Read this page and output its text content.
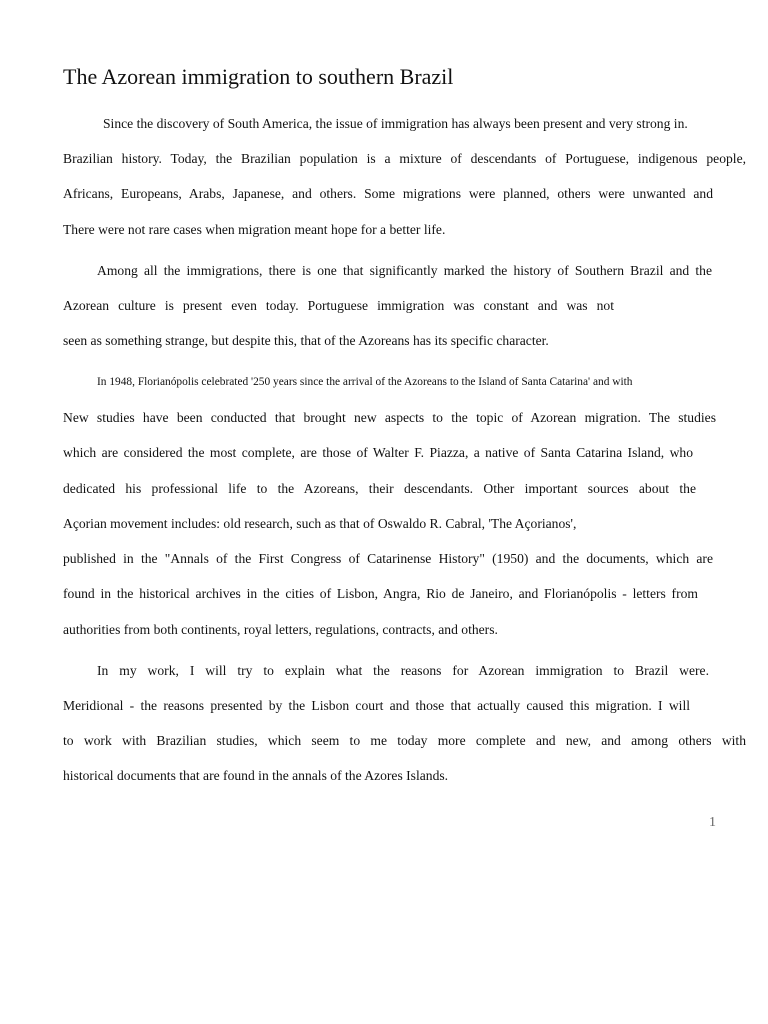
The Azorean immigration to southern Brazil

Since the discovery of South America, the issue of immigration has always been present and very strong in.

Brazilian history. Today, the Brazilian population is a mixture of descendants of Portuguese, indigenous people,

Africans, Europeans, Arabs, Japanese, and others. Some migrations were planned, others were unwanted and

There were not rare cases when migration meant hope for a better life.

Among all the immigrations, there is one that significantly marked the history of Southern Brazil and the

Azorean culture is present even today. Portuguese immigration was constant and was not

seen as something strange, but despite this, that of the Azoreans has its specific character.

In 1948, Florianópolis celebrated '250 years since the arrival of the Azoreans to the Island of Santa Catarina' and with

New studies have been conducted that brought new aspects to the topic of Azorean migration. The studies

which are considered the most complete, are those of Walter F. Piazza, a native of Santa Catarina Island, who

dedicated his professional life to the Azoreans, their descendants. Other important sources about the

Açorian movement includes: old research, such as that of Oswaldo R. Cabral, 'The Açorianos',

published in the "Annals of the First Congress of Catarinense History" (1950) and the documents, which are

found in the historical archives in the cities of Lisbon, Angra, Rio de Janeiro, and Florianópolis - letters from

authorities from both continents, royal letters, regulations, contracts, and others.

In my work, I will try to explain what the reasons for Azorean immigration to Brazil were.

Meridional - the reasons presented by the Lisbon court and those that actually caused this migration. I will

to work with Brazilian studies, which seem to me today more complete and new, and among others with

historical documents that are found in the annals of the Azores Islands.

1
